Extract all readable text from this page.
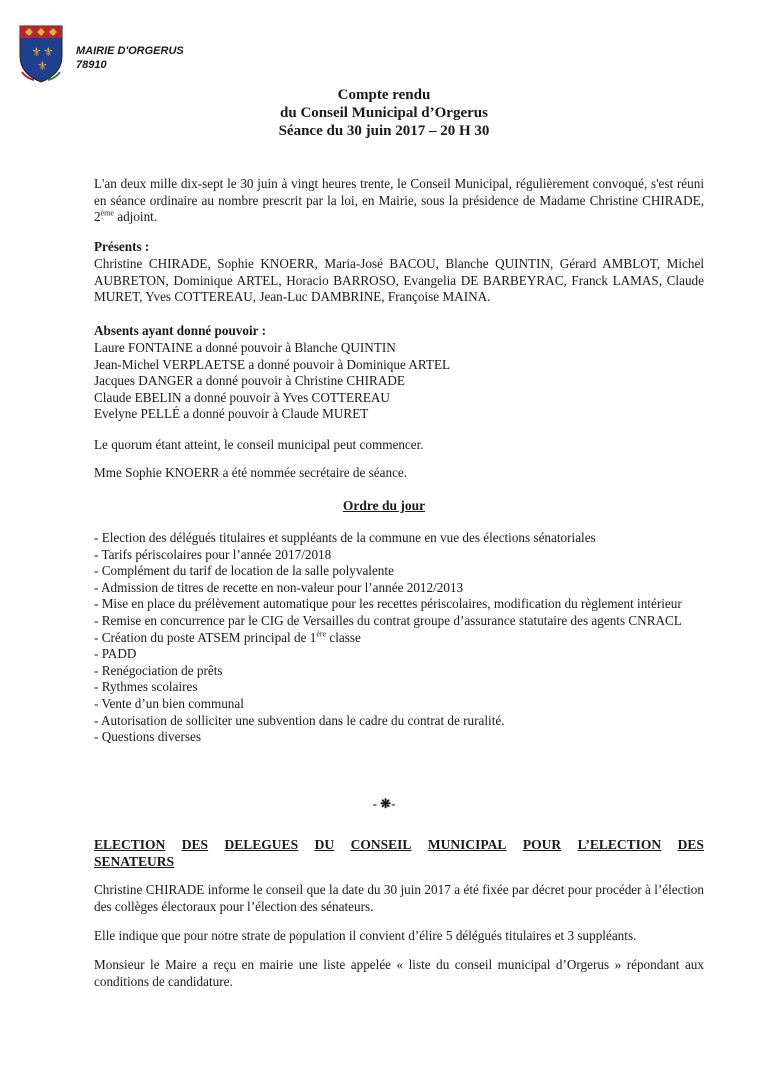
⚜ ⚜
⚜
MAIRIE D'ORGERUS
78910
Compte rendu
du Conseil Municipal d’Orgerus
Séance du 30 juin 2017 – 20 H 30
L'an deux mille dix-sept le 30 juin à vingt heures trente, le Conseil Municipal, régulièrement convoqué, s'est réuni en séance ordinaire au nombre prescrit par la loi, en Mairie, sous la présidence de Madame Christine CHIRADE, 2ème adjoint.
Présents :
Christine CHIRADE, Sophie KNOERR, Maria-José BACOU, Blanche QUINTIN, Gérard AMBLOT, Michel AUBRETON, Dominique ARTEL, Horacio BARROSO, Evangelia DE BARBEYRAC, Franck LAMAS, Claude MURET, Yves COTTEREAU, Jean-Luc DAMBRINE, Françoise MAINA.
Absents ayant donné pouvoir :
Laure FONTAINE a donné pouvoir à Blanche QUINTIN
Jean-Michel VERPLAETSE a donné pouvoir à Dominique ARTEL
Jacques DANGER a donné pouvoir à Christine CHIRADE
Claude EBELIN a donné pouvoir à Yves COTTEREAU
Evelyne PELLÉ a donné pouvoir à Claude MURET
Le quorum étant atteint, le conseil municipal peut commencer.
Mme Sophie KNOERR a été nommée secrétaire de séance.
Ordre du jour
- Election des délégués titulaires et suppléants de la commune en vue des élections sénatoriales
- Tarifs périscolaires pour l’année 2017/2018
- Complément du tarif de location de la salle polyvalente
- Admission de titres de recette en non-valeur pour l’année 2012/2013
- Mise en place du prélèvement automatique pour les recettes périscolaires, modification du règlement intérieur
- Remise en concurrence par le CIG de Versailles du contrat groupe d’assurance statutaire des agents CNRACL
- Création du poste ATSEM principal de 1ère classe
- PADD
- Renégociation de prêts
- Rythmes scolaires
- Vente d’un bien communal
- Autorisation de solliciter une subvention dans le cadre du contrat de ruralité.
- Questions diverses
- ❋-
ELECTION DES DELEGUES DU CONSEIL MUNICIPAL POUR L’ELECTION DES
SENATEURS
Christine CHIRADE informe le conseil que la date du 30 juin 2017 a été fixée par décret pour procéder à l’élection des collèges électoraux pour l’élection des sénateurs.
Elle indique que pour notre strate de population il convient d’élire 5 délégués titulaires et 3 suppléants.
Monsieur le Maire a reçu en mairie une liste appelée « liste du conseil municipal d’Orgerus » répondant aux conditions de candidature.
